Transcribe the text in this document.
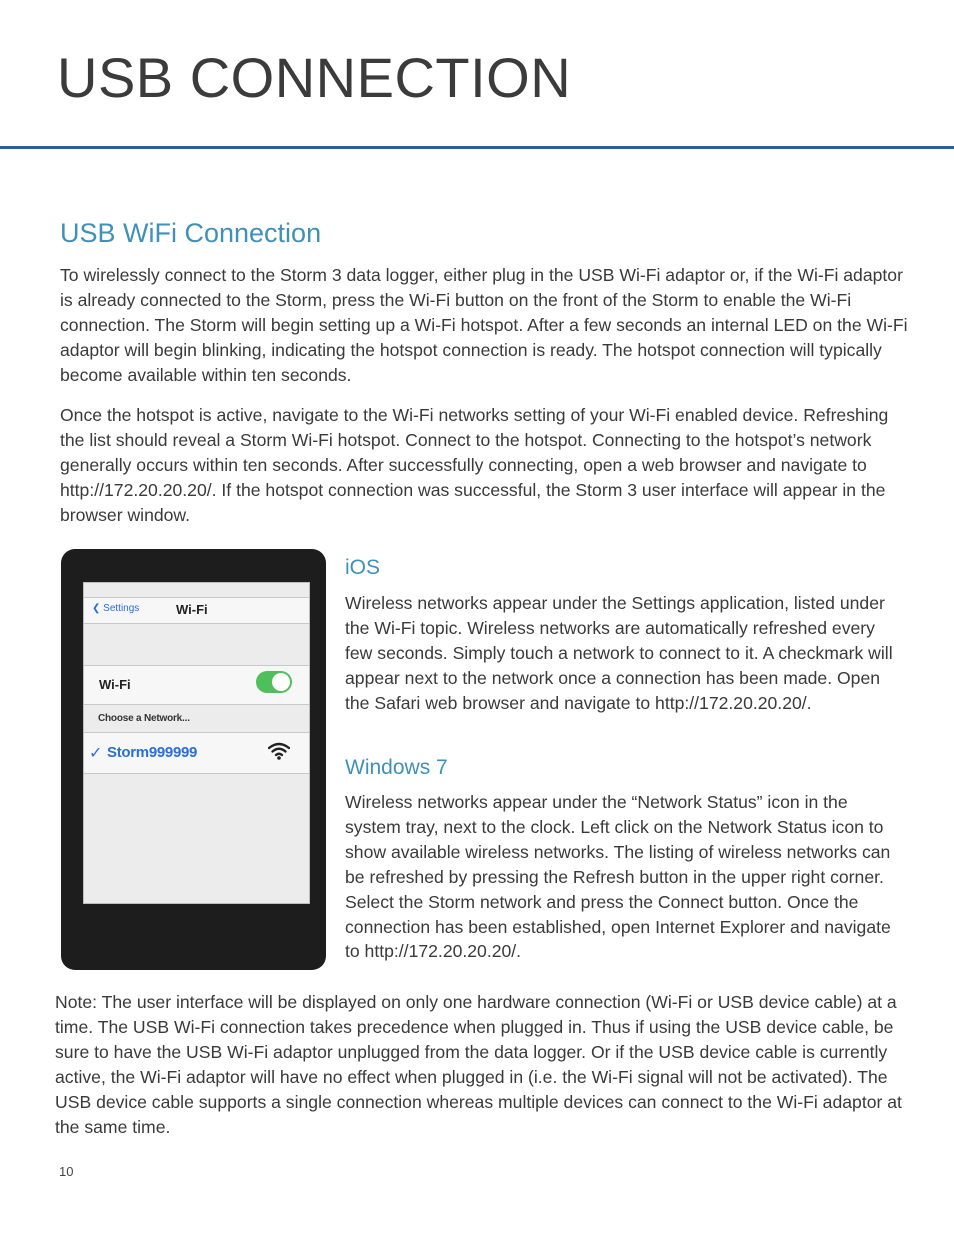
USB CONNECTION
USB WiFi Connection

To wirelessly connect to the Storm 3 data logger, either plug in the USB Wi-Fi adaptor or, if the Wi-Fi adaptor is already connected to the Storm, press the Wi-Fi button on the front of the Storm to enable the Wi-Fi connection. The Storm will begin setting up a Wi-Fi hotspot. After a few seconds an internal LED on the Wi-Fi adaptor will begin blinking, indicating the hotspot connection is ready. The hotspot connection will typically become available within ten seconds.

Once the hotspot is active, navigate to the Wi-Fi networks setting of your Wi-Fi enabled device. Refreshing the list should reveal a Storm Wi-Fi hotspot. Connect to the hotspot. Connecting to the hotspot’s network generally occurs within ten seconds. After successfully connecting, open a web browser and navigate to http://172.20.20.20/. If the hotspot connection was successful, the Storm 3 user interface will appear in the browser window.

❮ Settings	Wi-Fi
Wi-Fi
Choose a Network...
✓ Storm999999
iOS

Wireless networks appear under the Settings application, listed under the Wi-Fi topic. Wireless networks are automatically refreshed every few seconds. Simply touch a network to connect to it. A checkmark will appear next to the network once a connection has been made. Open the Safari web browser and navigate to http://172.20.20.20/.

Windows 7

Wireless networks appear under the “Network Status” icon in the system tray, next to the clock. Left click on the Network Status icon to show available wireless networks. The listing of wireless networks can be refreshed by pressing the Refresh button in the upper right corner. Select the Storm network and press the Connect button. Once the connection has been established, open Internet Explorer and navigate to http://172.20.20.20/.

Note: The user interface will be displayed on only one hardware connection (Wi-Fi or USB device cable) at a time. The USB Wi-Fi connection takes precedence when plugged in. Thus if using the USB device cable, be sure to have the USB Wi-Fi adaptor unplugged from the data logger. Or if the USB device cable is currently active, the Wi-Fi adaptor will have no effect when plugged in (i.e. the Wi-Fi signal will not be activated). The USB device cable supports a single connection whereas multiple devices can connect to the Wi-Fi adaptor at the same time.

10
